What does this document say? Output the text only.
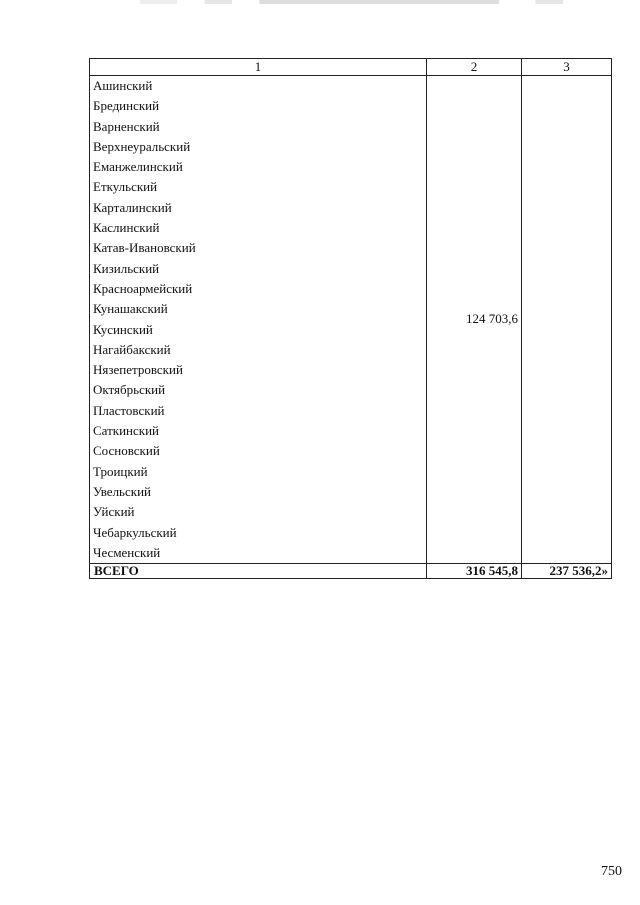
1	2	3
Ашинский	124 703,6	
Брединский		
Варненский		
Верхнеуральский		
Еманжелинский		
Еткульский		
Карталинский		
Каслинский		
Катав-Ивановский		
Кизильский		
Красноармейский		
Кунашакский		
Кусинский		
Нагайбакский		
Нязепетровский		
Октябрьский		
Пластовский		
Саткинский		
Сосновский		
Троицкий		
Увельский		
Уйский		
Чебаркульский		
Чесменский		
ВСЕГО	316 545,8	237 536,2»
750
